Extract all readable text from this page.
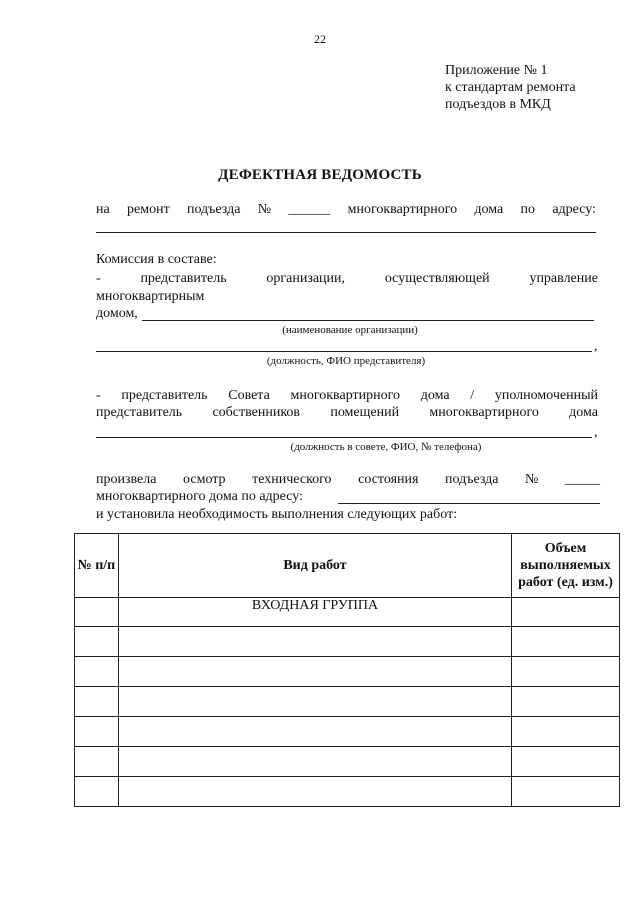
22
Приложение № 1
к стандартам ремонта
подъездов в МКД
ДЕФЕКТНАЯ ВЕДОМОСТЬ
на ремонт подъезда № ______ многоквартирного дома по адресу:
Комиссия в составе:
-	представитель	организации,	осуществляющей	управление
многоквартирным
домом,
(наименование организации)
,
(должность, ФИО представителя)
- представитель Совета многоквартирного дома / уполномоченный
представитель собственников помещений многоквартирного дома
,
(должность в совете, ФИО, № телефона)
произвела осмотр технического состояния подъезда № _____
многоквартирного дома по адресу:
и установила необходимость выполнения следующих работ:
№ п/п	Вид работ	Объем
выполняемых
работ (ед. изм.)

	ВХОДНАЯ ГРУППА	
